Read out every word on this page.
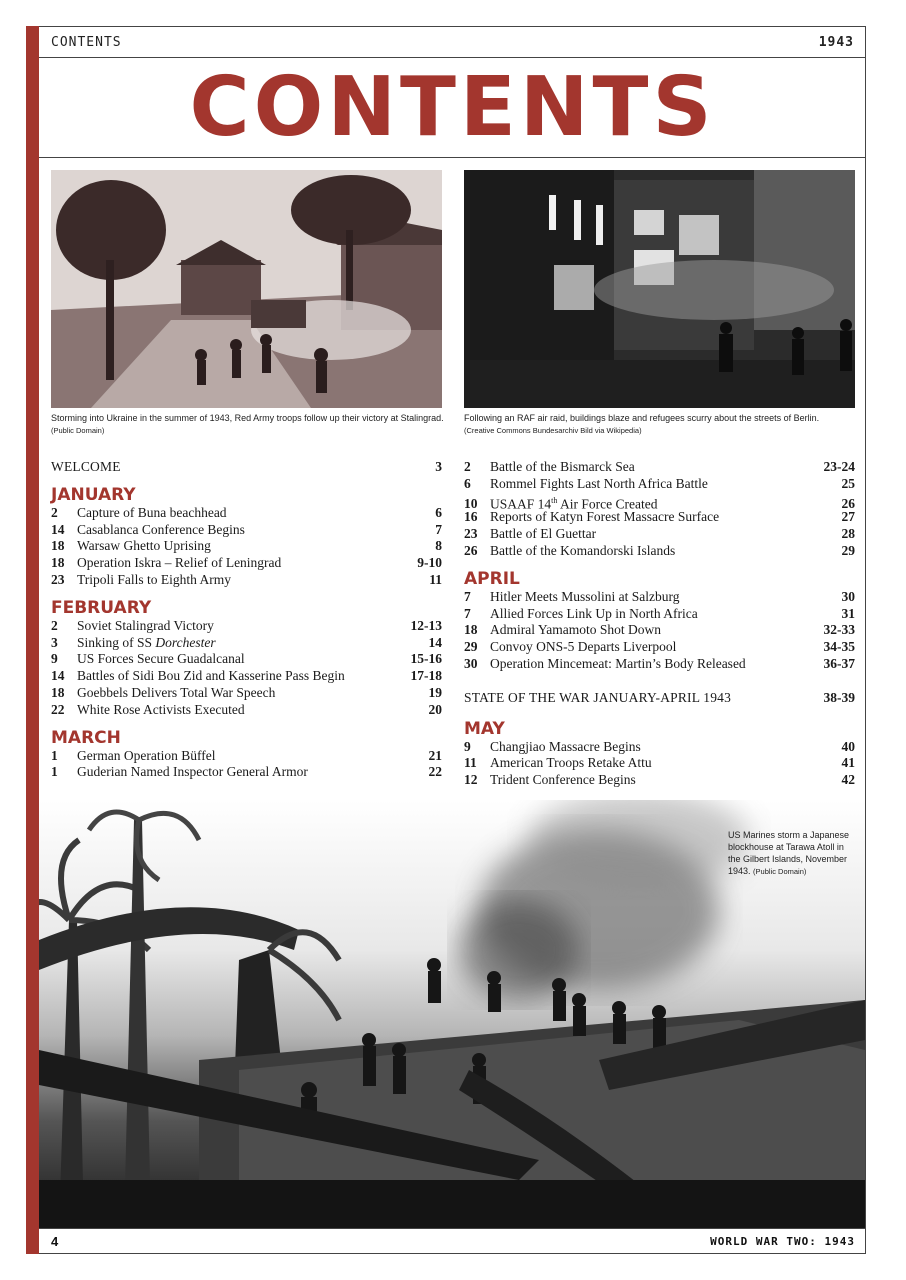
CONTENTS	1943
CONTENTS
Storming into Ukraine in the summer of 1943, Red Army troops follow up their victory at Stalingrad.
(Public Domain)
Following an RAF air raid, buildings blaze and refugees scurry about the streets of Berlin.
(Creative Commons Bundesarchiv Bild via Wikipedia)
US Marines storm a Japanese blockhouse at Tarawa Atoll in the Gilbert Islands, November 1943. (Public Domain)
WELCOME	3
JANUARY
2	Capture of Buna beachhead	6
14 Casablanca Conference Begins	7
18 Warsaw Ghetto Uprising	8
18 Operation Iskra – Relief of Leningrad	9-10
23 Tripoli Falls to Eighth Army	11
FEBRUARY
2	Soviet Stalingrad Victory	12-13
3	Sinking of SS Dorchester	14
9	US Forces Secure Guadalcanal	15-16
14 Battles of Sidi Bou Zid and Kasserine Pass Begin	17-18
18 Goebbels Delivers Total War Speech	19
22 White Rose Activists Executed	20
MARCH
1	German Operation Büffel	21
1	Guderian Named Inspector General Armor	22
2	Battle of the Bismarck Sea	23-24
6	Rommel Fights Last North Africa Battle	25
10 USAAF 14th Air Force Created	26
16 Reports of Katyn Forest Massacre Surface	27
23 Battle of El Guettar	28
26 Battle of the Komandorski Islands	29
APRIL
7	Hitler Meets Mussolini at Salzburg	30
7	Allied Forces Link Up in North Africa	31
18 Admiral Yamamoto Shot Down	32-33
29 Convoy ONS-5 Departs Liverpool	34-35
30 Operation Mincemeat: Martin’s Body Released	36-37
STATE OF THE WAR JANUARY-APRIL 1943	38-39
MAY
9	Changjiao Massacre Begins	40
11 American Troops Retake Attu	41
12 Trident Conference Begins	42
4	WORLD WAR TWO: 1943
